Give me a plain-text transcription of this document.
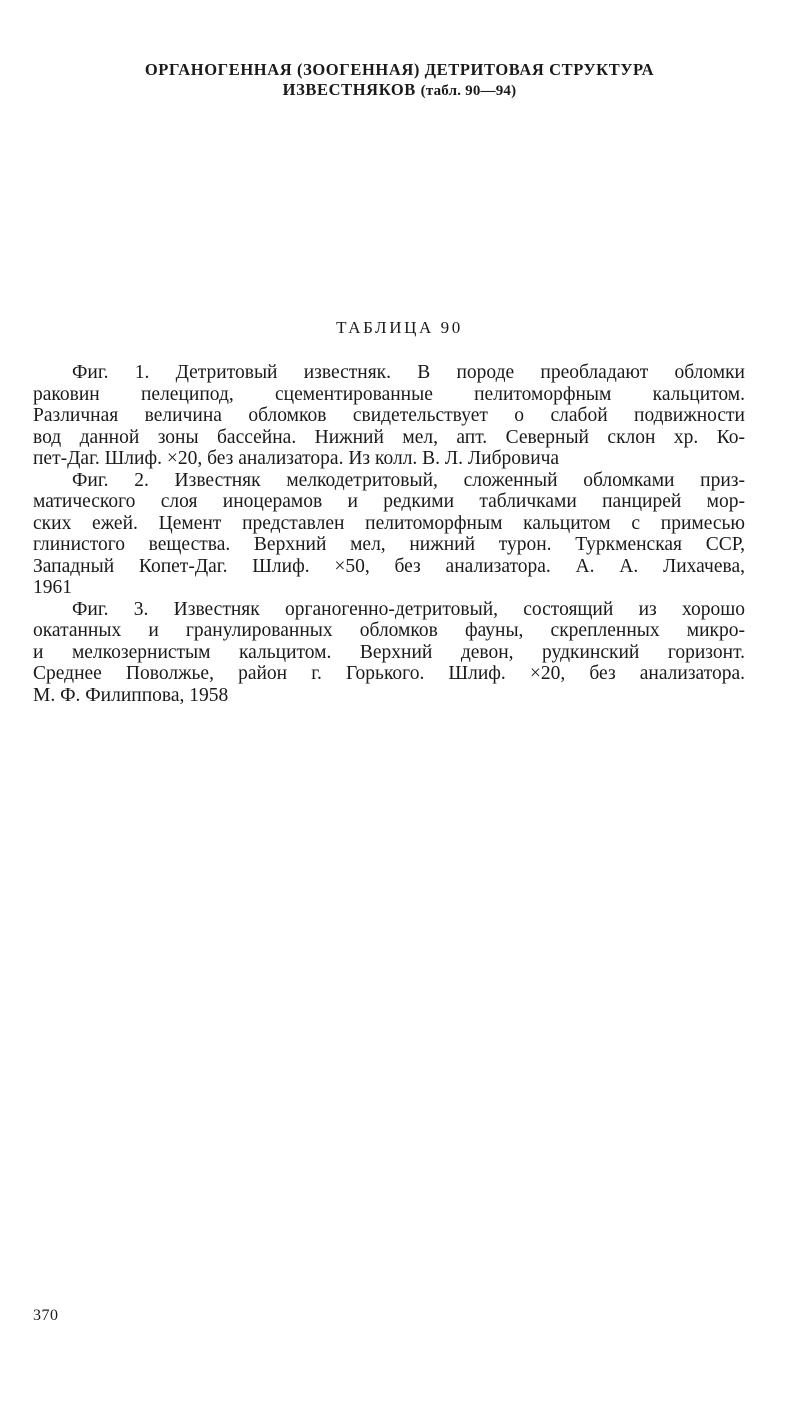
ОРГАНОГЕННАЯ (ЗООГЕННАЯ) ДЕТРИТОВАЯ СТРУКТУРА
ИЗВЕСТНЯКОВ (табл. 90—94)
ТАБЛИЦА 90

Фиг. 1. Детритовый известняк. В породе преобладают обломки
раковин пелеципод, сцементированные пелитоморфным кальцитом.
Различная величина обломков свидетельствует о слабой подвижности
вод данной зоны бассейна. Нижний мел, апт. Северный склон хр. Ко-
пет-Даг. Шлиф. ×20, без анализатора. Из колл. В. Л. Либровича

Фиг. 2. Известняк мелкодетритовый, сложенный обломками приз-
матического слоя иноцерамов и редкими табличками панцирей мор-
ских ежей. Цемент представлен пелитоморфным кальцитом с примесью
глинистого вещества. Верхний мел, нижний турон. Туркменская ССР,
Западный Копет-Даг. Шлиф. ×50, без анализатора. А. А. Лихачева,
1961

Фиг. 3. Известняк органогенно-детритовый, состоящий из хорошо
окатанных и гранулированных обломков фауны, скрепленных микро-
и мелкозернистым кальцитом. Верхний девон, рудкинский горизонт.
Среднее Поволжье, район г. Горького. Шлиф. ×20, без анализатора.
М. Ф. Филиппова, 1958

370
